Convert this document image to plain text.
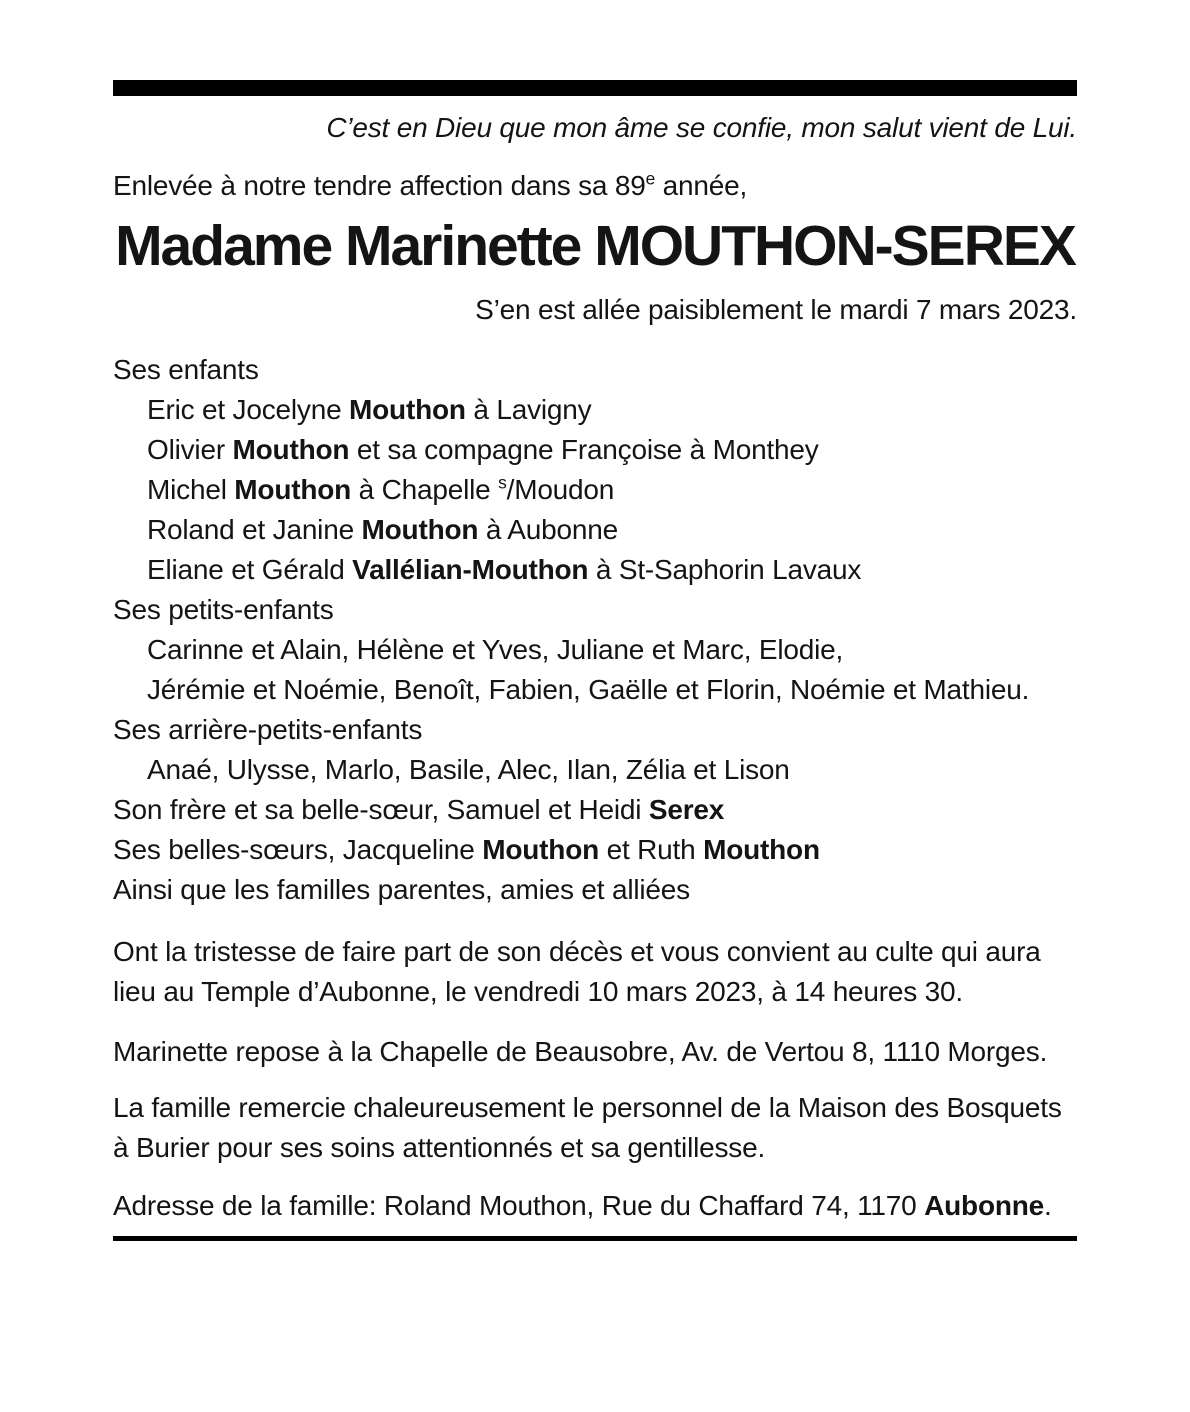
C’est en Dieu que mon âme se confie, mon salut vient de Lui.
Enlevée à notre tendre affection dans sa 89e année,
Madame Marinette MOUTHON-SEREX
S’en est allée paisiblement le mardi 7 mars 2023.
Ses enfants
Eric et Jocelyne Mouthon à Lavigny
Olivier Mouthon et sa compagne Françoise à Monthey
Michel Mouthon à Chapelle $^s$/Moudon
Roland et Janine Mouthon à Aubonne
Eliane et Gérald Vallélian-Mouthon à St-Saphorin Lavaux
Ses petits-enfants
Carinne et Alain, Hélène et Yves, Juliane et Marc, Elodie,
Jérémie et Noémie, Benoît, Fabien, Gaëlle et Florin, Noémie et Mathieu.
Ses arrière-petits-enfants
Anaé, Ulysse, Marlo, Basile, Alec, Ilan, Zélia et Lison
Son frère et sa belle-sœur, Samuel et Heidi Serex
Ses belles-sœurs, Jacqueline Mouthon et Ruth Mouthon
Ainsi que les familles parentes, amies et alliées

Ont la tristesse de faire part de son décès et vous convient au culte qui aura lieu au Temple d’Aubonne, le vendredi 10 mars 2023, à 14 heures 30.

Marinette repose à la Chapelle de Beausobre, Av. de Vertou 8, 1110 Morges.

La famille remercie chaleureusement le personnel de la Maison des Bosquets à Burier pour ses soins attentionnés et sa gentillesse.

Adresse de la famille: Roland Mouthon, Rue du Chaffard 74, 1170 Aubonne.
